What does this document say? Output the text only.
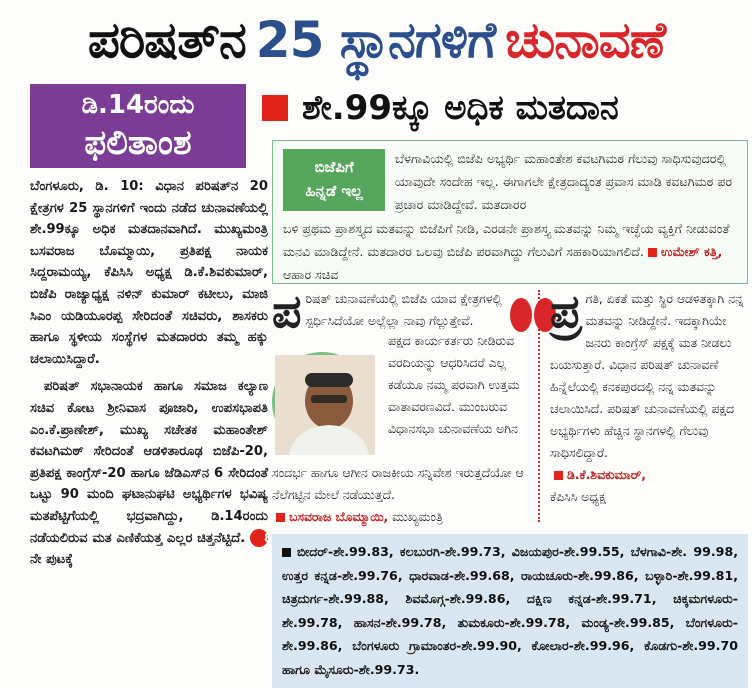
ಪರಿಷತ್‌ನ 25 ಸ್ಥಾನಗಳಿಗೆ ಚುನಾವಣೆ
ಡಿ.14ರಂದು
ಫಲಿತಾಂಶ
ಶೇ.99ಕ್ಕೂ ಅಧಿಕ ಮತದಾನ

ಬೆಂಗಳೂರು, ಡಿ. 10: ವಿಧಾನ ಪರಿಷತ್‌ನ 20 ಕ್ಷೇತ್ರಗಳ 25 ಸ್ಥಾನಗಳಿಗೆ ಇಂದು ನಡೆದ ಚುನಾವಣೆಯಲ್ಲಿ ಶೇ.99ಕ್ಕೂ ಅಧಿಕ ಮತದಾನವಾಗಿದೆ. ಮುಖ್ಯಮಂತ್ರಿ ಬಸವರಾಜ ಬೊಮ್ಮಾಯಿ, ಪ್ರತಿಪಕ್ಷ ನಾಯಕ ಸಿದ್ದರಾಮಯ್ಯ, ಕೆಪಿಸಿಸಿ ಅಧ್ಯಕ್ಷ ಡಿ.ಕೆ.ಶಿವಕುಮಾರ್, ಬಿಜೆಪಿ ರಾಜ್ಯಾಧ್ಯಕ್ಷ ನಳಿನ್ ಕುಮಾರ್ ಕಟೀಲು, ಮಾಜಿ ಸಿಎಂ ಯಡಿಯೂರಪ್ಪ ಸೇರಿದಂತೆ ಸಚಿವರು, ಶಾಸಕರು ಹಾಗೂ ಸ್ಥಳೀಯ ಸಂಸ್ಥೆಗಳ ಮತದಾರರು ತಮ್ಮ ಹಕ್ಕು ಚಲಾಯಿಸಿದ್ದಾರೆ.

ಪರಿಷತ್ ಸಭಾನಾಯಕ ಹಾಗೂ ಸಮಾಜ ಕಲ್ಯಾಣ ಸಚಿವ ಕೋಟ ಶ್ರೀನಿವಾಸ ಪೂಜಾರಿ, ಉಪಸಭಾಪತಿ ಎಂ.ಕೆ.ಪ್ರಾಣೇಶ್, ಮುಖ್ಯ ಸಚೇತಕ ಮಹಾಂತೇಶ್ ಕವಟಗಿಮಠ್ ಸೇರಿದಂತೆ ಆಡಳಿತಾರೂಢ ಬಿಜೆಪಿ-20, ಪ್ರತಿಪಕ್ಷ ಕಾಂಗ್ರೆಸ್-20 ಹಾಗೂ ಜೆಡಿಎಸ್‌ನ 6 ಸೇರಿದಂತೆ ಒಟ್ಟು 90 ಮಂದಿ ಘಟಾನುಘಟಿ ಅಭ್ಯರ್ಥಿಗಳ ಭವಿಷ್ಯ ಮತಪೆಟ್ಟಿಗೆಯಲ್ಲಿ ಭದ್ರವಾಗಿದ್ದು, ಡಿ.14ರಂದು ನಡೆಯಲಿರುವ ಮತ ಎಣಿಕೆಯತ್ತ ಎಲ್ಲರ ಚಿತ್ತನೆಟ್ಟಿದೆ. 8 ನೇ ಪುಟಕ್ಕೆ

ಬಿಜೆಪಿಗೆ
ಹಿನ್ನಡೆ ಇಲ್ಲ
ಬೆಳಗಾವಿಯಲ್ಲಿ ಬಿಜೆಪಿ ಅಭ್ಯರ್ಥಿ ಮಹಾಂತೇಶ ಕವಟಗಿಮಠ ಗೆಲುವು ಸಾಧಿಸುವುದರಲ್ಲಿ ಯಾವುದೇ ಸಂದೇಹ ಇಲ್ಲ. ಈಗಾಗಲೇ ಕ್ಷೇತ್ರದಾದ್ಯಂತ ಪ್ರವಾಸ ಮಾಡಿ ಕವಟಗಿಮಠ ಪರ ಪ್ರಚಾರ ಮಾಡಿದ್ದೇವೆ. ಮತದಾರರ
ಬಳಿ ಪ್ರಥಮ ಪ್ರಾಶಸ್ತ್ಯದ ಮತವನ್ನು ಬಿಜೆಪಿಗೆ ನೀಡಿ, ಎರಡನೇ ಪ್ರಾಶಸ್ತ್ಯ ಮತವನ್ನು ನಿಮ್ಮ ಇಚ್ಛೆಯ ವ್ಯಕ್ತಿಗೆ ನೀಡುವಂತೆ ಮನವಿ ಮಾಡಿದ್ದೇನೆ. ಮತದಾರರ ಒಲವು ಬಿಜೆಪಿ ಪರವಾಗಿದ್ದು ಗೆಲುವಿಗೆ ಸಹಕಾರಿಯಾಗಲಿದೆ. ಉಮೇಶ್ ಕತ್ತಿ, ಆಹಾರ ಸಚಿವ
ಪರಿಷತ್ ಚುನಾವಣೆಯಲ್ಲಿ ಬಿಜೆಪಿ ಯಾವ ಕ್ಷೇತ್ರಗಳಲ್ಲಿ ಸ್ಪರ್ಧಿಸಿದೆಯೋ ಅಲ್ಲೆಲ್ಲಾ ನಾವು ಗೆಲ್ಲುತ್ತೇವೆ.
ಪಕ್ಷದ ಕಾರ್ಯಕರ್ತರು ನೀಡಿರುವ ವರದಿಯನ್ನು ಆಧರಿಸಿದರೆ ಎಲ್ಲ ಕಡೆಯೂ ನಮ್ಮ ಪರವಾಗಿ ಉತ್ತಮ ವಾತಾವರಣವಿದೆ. ಮುಂಬರುವ ವಿಧಾನಸಭಾ ಚುನಾವಣೆಯ ಅಗಿನ
ಸಂದರ್ಭ ಹಾಗೂ ಆಗೀನ ರಾಜಕೀಯ ಸನ್ನಿವೇಶ ಇರುತ್ತದೆಯೋ ಆ ನೆಲೆಗಟ್ಟಿನ ಮೇಲೆ ನಡೆಯುತ್ತದೆ.
ಬಸವರಾಜ ಬೊಮ್ಮಾಯಿ, ಮುಖ್ಯಮಂತ್ರಿ
ಪ್ರ ಗತಿ, ಏಕತೆ ಮತ್ತು ಸ್ಥಿರ ಆಡಳಿತಕ್ಕಾಗಿ ನನ್ನ ಮತವನ್ನು ನೀಡಿದ್ದೇನೆ. ಇದಕ್ಕಾಗಿಯೇ ಜನರು ಕಾಂಗ್ರೆಸ್ ಪಕ್ಷಕ್ಕೆ ಮತ ನೀಡಲು ಬಯಸುತ್ತಾರೆ. ವಿಧಾನ ಪರಿಷತ್ ಚುನಾವಣೆ ಹಿನ್ನೆಲೆಯಲ್ಲಿ ಕನಕಪುರದಲ್ಲಿ ನನ್ನ ಮತವನ್ನು ಚಲಾಯಿಸಿದೆ. ಪರಿಷತ್ ಚುನಾವಣೆಯಲ್ಲಿ ಪಕ್ಷದ ಅಭ್ಯರ್ಥಿಗಳು ಹೆಚ್ಚಿನ ಸ್ಥಾನಗಳಲ್ಲಿ ಗೆಲುವು ಸಾಧಿಸಲಿದ್ದಾರೆ.
ಡಿ.ಕೆ.ಶಿವಕುಮಾರ್,
ಕೆಪಿಸಿಸಿ ಅಧ್ಯಕ್ಷ
ಬೀದರ್-ಶೇ.99.83, ಕಲಬುರಗಿ-ಶೇ.99.73, ವಿಜಯಪುರ-ಶೇ.99.55, ಬೆಳಗಾವಿ-ಶೇ. 99.98, ಉತ್ತರ ಕನ್ನಡ-ಶೇ.99.76, ಧಾರವಾಡ-ಶೇ.99.68, ರಾಯಚೂರು-ಶೇ.99.86, ಬಳ್ಳಾರಿ-ಶೇ.99.81, ಚಿತ್ರದುರ್ಗ-ಶೇ.99.88, ಶಿವಮೊಗ್ಗ-ಶೇ.99.86, ದಕ್ಷಿಣ ಕನ್ನಡ-ಶೇ.99.71, ಚಿಕ್ಕಮಗಳೂರು-ಶೇ.99.78, ಹಾಸನ-ಶೇ.99.78, ತುಮಕೂರು-ಶೇ.99.78, ಮಂಡ್ಯ-ಶೇ.99.85, ಬೆಂಗಳೂರು-ಶೇ.99.86, ಬೆಂಗಳೂರು ಗ್ರಾಮಾಂತರ-ಶೇ.99.90, ಕೋಲಾರ-ಶೇ.99.96, ಕೊಡಗು-ಶೇ.99.70 ಹಾಗೂ ಮೈಸೂರು-ಶೇ.99.73.
